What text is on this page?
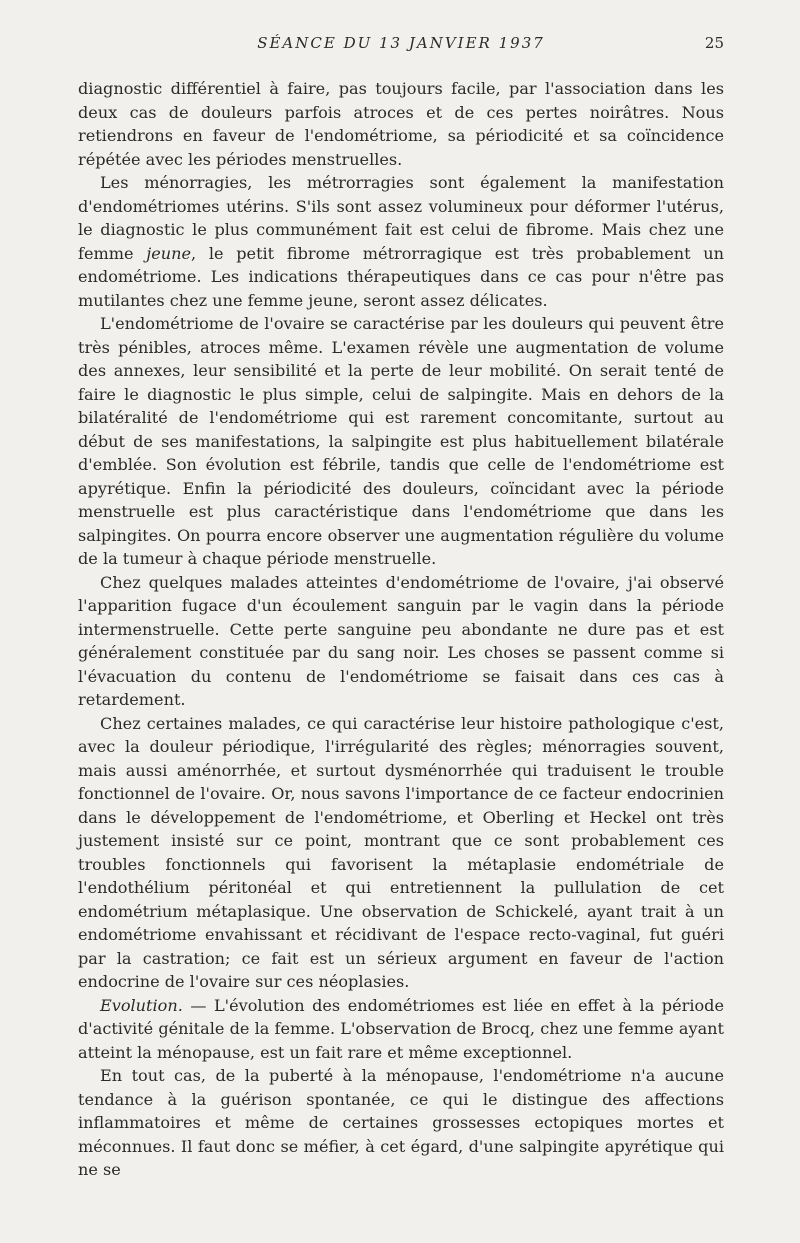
SÉANCE DU 13 JANVIER 1937	25

diagnostic différentiel à faire, pas toujours facile, par l'association dans les deux cas de douleurs parfois atroces et de ces pertes noirâtres. Nous retiendrons en faveur de l'endométriome, sa périodicité et sa coïncidence répétée avec les périodes menstruelles.

Les ménorragies, les métrorragies sont également la manifestation d'endométriomes utérins. S'ils sont assez volumineux pour déformer l'utérus, le diagnostic le plus communément fait est celui de fibrome. Mais chez une femme jeune, le petit fibrome métrorragique est très probablement un endométriome. Les indications thérapeutiques dans ce cas pour n'être pas mutilantes chez une femme jeune, seront assez délicates.

L'endométriome de l'ovaire se caractérise par les douleurs qui peuvent être très pénibles, atroces même. L'examen révèle une augmentation de volume des annexes, leur sensibilité et la perte de leur mobilité. On serait tenté de faire le diagnostic le plus simple, celui de salpingite. Mais en dehors de la bilatéralité de l'endométriome qui est rarement concomitante, surtout au début de ses manifestations, la salpingite est plus habituellement bilatérale d'emblée. Son évolution est fébrile, tandis que celle de l'endométriome est apyrétique. Enfin la périodicité des douleurs, coïncidant avec la période menstruelle est plus caractéristique dans l'endométriome que dans les salpingites. On pourra encore observer une augmentation régulière du volume de la tumeur à chaque période menstruelle.

Chez quelques malades atteintes d'endométriome de l'ovaire, j'ai observé l'apparition fugace d'un écoulement sanguin par le vagin dans la période intermenstruelle. Cette perte sanguine peu abondante ne dure pas et est généralement constituée par du sang noir. Les choses se passent comme si l'évacuation du contenu de l'endométriome se faisait dans ces cas à retardement.

Chez certaines malades, ce qui caractérise leur histoire pathologique c'est, avec la douleur périodique, l'irrégularité des règles; ménorragies souvent, mais aussi aménorrhée, et surtout dysménorrhée qui traduisent le trouble fonctionnel de l'ovaire. Or, nous savons l'importance de ce facteur endocrinien dans le développement de l'endométriome, et Oberling et Heckel ont très justement insisté sur ce point, montrant que ce sont probablement ces troubles fonctionnels qui favorisent la métaplasie endométriale de l'endothélium péritonéal et qui entretiennent la pullulation de cet endométrium métaplasique. Une observation de Schickelé, ayant trait à un endométriome envahissant et récidivant de l'espace recto-vaginal, fut guéri par la castration; ce fait est un sérieux argument en faveur de l'action endocrine de l'ovaire sur ces néoplasies.

Evolution. — L'évolution des endométriomes est liée en effet à la période d'activité génitale de la femme. L'observation de Brocq, chez une femme ayant atteint la ménopause, est un fait rare et même exceptionnel.

En tout cas, de la puberté à la ménopause, l'endométriome n'a aucune tendance à la guérison spontanée, ce qui le distingue des affections inflammatoires et même de certaines grossesses ectopiques mortes et méconnues. Il faut donc se méfier, à cet égard, d'une salpingite apyrétique qui ne se
